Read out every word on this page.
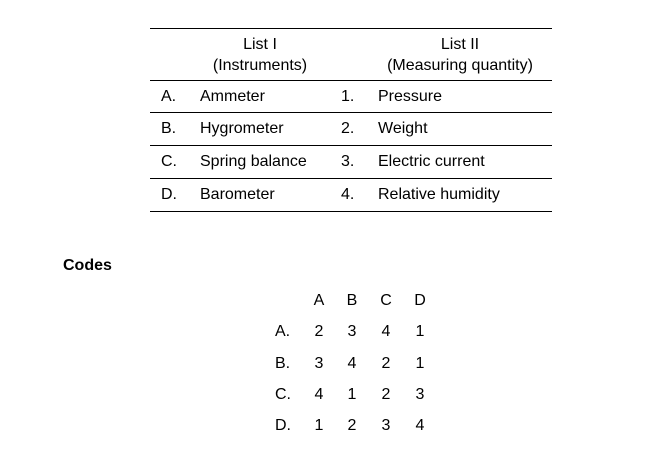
List I
(Instruments)
List II
(Measuring quantity)
A. Ammeter	1. Pressure
B. Hygrometer	2. Weight
C. Spring balance 3. Electric current
D. Barometer	4. Relative humidity
Codes
A B C D
A.	2	3	4	1
B.	3	4	2	1
C.	4	1	2	3
D.	1	2	3	4
